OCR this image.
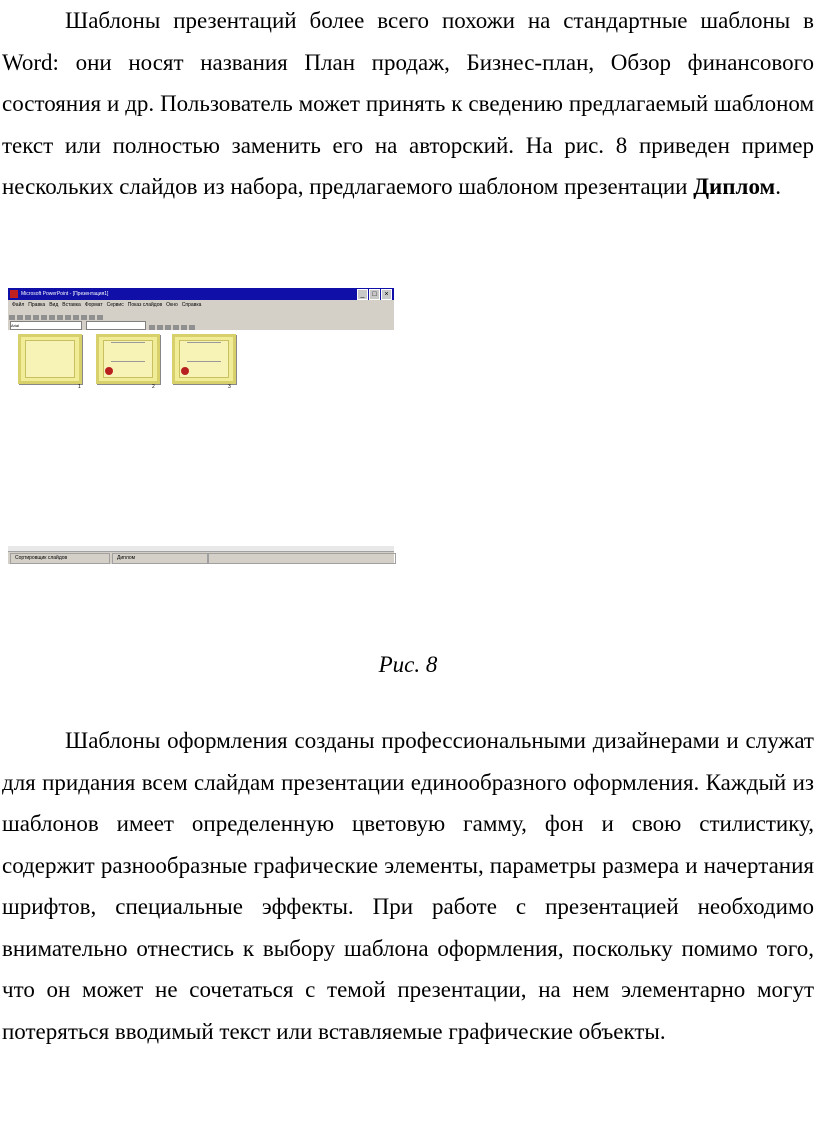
Шаблоны презентаций более всего похожи на стандартные шаблоны в Word: они носят названия План продаж, Бизнес-план, Обзор финансового состояния и др. Пользователь может принять к сведению предлагаемый шаблоном текст или полностью заменить его на авторский. На рис. 8 приведен пример нескольких слайдов из набора, предлагаемого шаблоном презентации Диплом.

Microsoft PowerPoint - [Презентация1]	_ □ ×
Файл Правка Вид Вставка Формат Сервис Показ слайдов Окно Справка
Arial
1	2	3
Сортировщик слайдов	Диплом
Рис. 8

Шаблоны оформления созданы профессиональными дизайнерами и служат для придания всем слайдам презентации единообразного оформления. Каждый из шаблонов имеет определенную цветовую гамму, фон и свою стилистику, содержит разнообразные графические элементы, параметры размера и начертания шрифтов, специальные эффекты. При работе с презентацией необходимо внимательно отнестись к выбору шаблона оформления, поскольку помимо того, что он может не сочетаться с темой презентации, на нем элементарно могут потеряться вводимый текст или вставляемые графические объекты.
